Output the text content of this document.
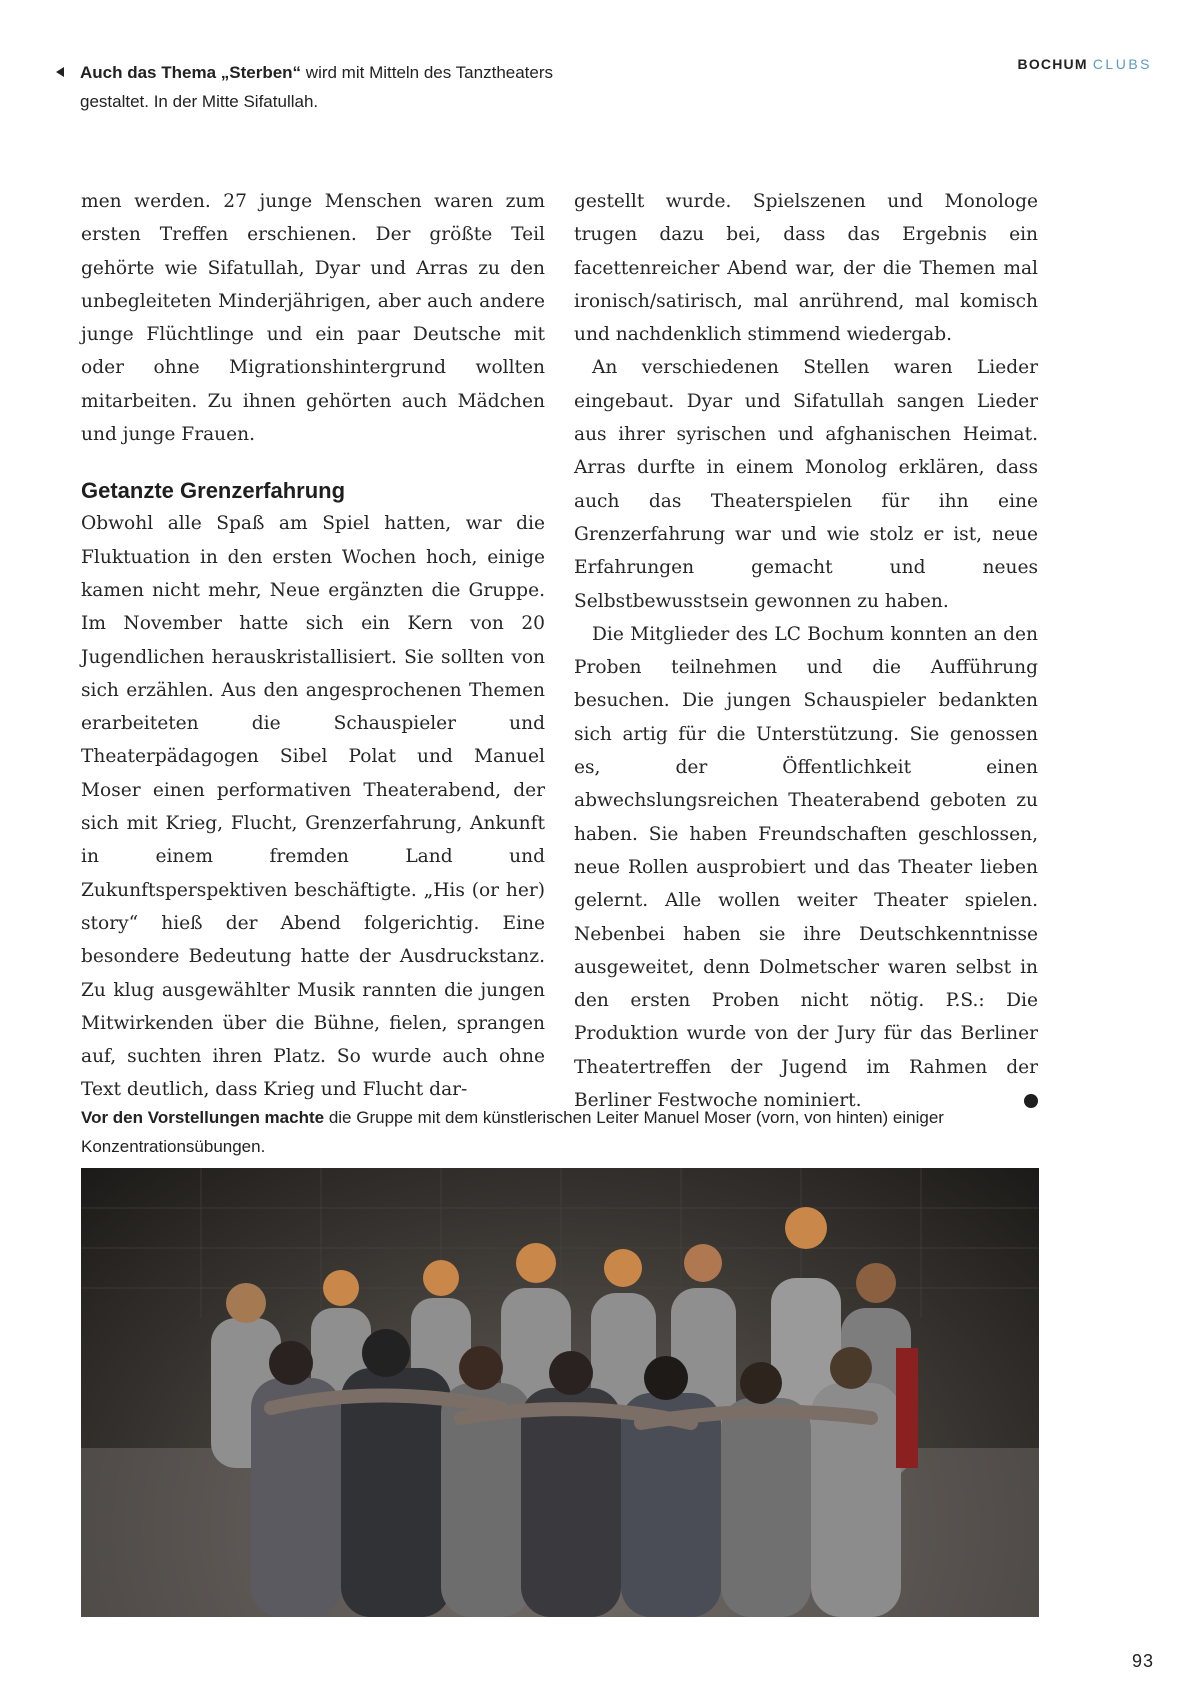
Auch das Thema „Sterben“ wird mit Mitteln des Tanztheaters
gestaltet. In der Mitte Sifatullah.
BOCHUM CLUBS

men werden. 27 junge Menschen waren zum ersten Treffen erschienen. Der größte Teil gehörte wie Sifatullah, Dyar und Arras zu den unbegleiteten Minderjährigen, aber auch andere junge Flüchtlinge und ein paar Deutsche mit oder ohne Migrationshintergrund wollten mitarbeiten. Zu ihnen gehörten auch Mädchen und junge Frauen.

Getanzte Grenzerfahrung

Obwohl alle Spaß am Spiel hatten, war die Fluktuation in den ersten Wochen hoch, einige kamen nicht mehr, Neue ergänzten die Gruppe. Im November hatte sich ein Kern von 20 Jugendlichen herauskristallisiert. Sie sollten von sich erzählen. Aus den angesprochenen Themen erarbeiteten die Schauspieler und Theaterpädagogen Sibel Polat und Manuel Moser einen performativen Theaterabend, der sich mit Krieg, Flucht, Grenzerfahrung, Ankunft in einem fremden Land und Zukunftsperspektiven beschäftigte. „His (or her) story“ hieß der Abend folgerichtig. Eine besondere Bedeutung hatte der Ausdruckstanz. Zu klug ausgewählter Musik rannten die jungen Mitwirkenden über die Bühne, fielen, sprangen auf, suchten ihren Platz. So wurde auch ohne Text deutlich, dass Krieg und Flucht dar-

gestellt wurde. Spielszenen und Monologe trugen dazu bei, dass das Ergebnis ein facettenreicher Abend war, der die Themen mal ironisch/satirisch, mal anrührend, mal komisch und nachdenklich stimmend wiedergab.

An verschiedenen Stellen waren Lieder eingebaut. Dyar und Sifatullah sangen Lieder aus ihrer syrischen und afghanischen Heimat. Arras durfte in einem Monolog erklären, dass auch das Theaterspielen für ihn eine Grenzerfahrung war und wie stolz er ist, neue Erfahrungen gemacht und neues Selbstbewusstsein gewonnen zu haben.

Die Mitglieder des LC Bochum konnten an den Proben teilnehmen und die Aufführung besuchen. Die jungen Schauspieler bedankten sich artig für die Unterstützung. Sie genossen es, der Öffentlichkeit einen abwechslungsreichen Theaterabend geboten zu haben. Sie haben Freundschaften geschlossen, neue Rollen ausprobiert und das Theater lieben gelernt. Alle wollen weiter Theater spielen. Nebenbei haben sie ihre Deutschkenntnisse ausgeweitet, denn Dolmetscher waren selbst in den ersten Proben nicht nötig. P.S.: Die Produktion wurde von der Jury für das Berliner Theatertreffen der Jugend im Rahmen der Berliner Festwoche nominiert.	L

Vor den Vorstellungen machte die Gruppe mit dem künstlerischen Leiter Manuel Moser (vorn, von hinten) einiger Konzentrationsübungen.
93
